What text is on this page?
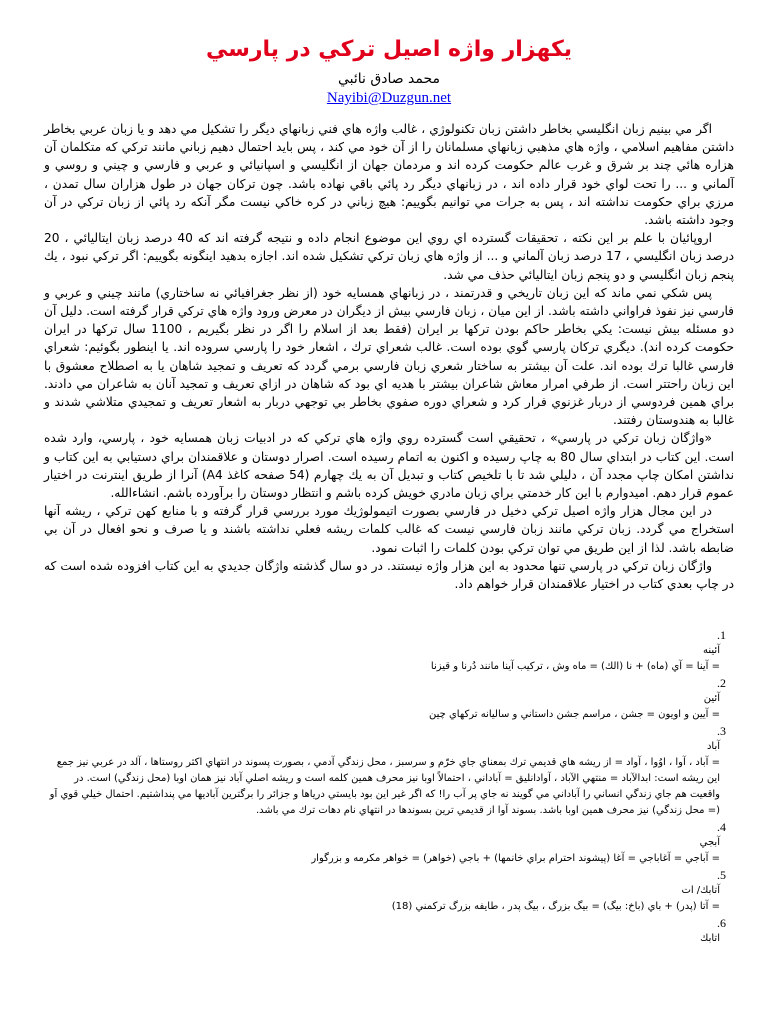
يكهزار واژه اصيل تركي در پارسي
محمد صادق نائبي
Nayibi@Duzgun.net

اگر مي بينيم زبان انگليسي بخاطر داشتن زبان تكنولوژي ، غالب واژه هاي فني زبانهاي ديگر را تشكيل مي دهد و يا زبان عربي بخاطر داشتن مفاهيم اسلامي ، واژه هاي مذهبي زبانهاي مسلمانان را از آن خود مي كند ، پس بايد احتمال دهيم زباني مانند تركي كه متكلمان آن هزاره هائي چند بر شرق و غرب عالم حكومت كرده اند و مردمان جهان از انگليسي و اسپانيائي و عربي و فارسي و چيني و روسي و آلماني و ... را تحت لواي خود قرار داده اند ، در زبانهاي ديگر رد پائي باقي نهاده باشد. چون تركان جهان در طول هزاران سال تمدن ، مرزي براي حكومت نداشته اند ، پس به جرات مي توانيم بگوييم: هيچ زباني در كره خاكي نيست مگر آنكه رد پائي از زبان تركي در آن وجود داشته باشد.

اروپائيان با علم بر اين نكته ، تحقيقات گسترده اي روي اين موضوع انجام داده و نتيجه گرفته اند كه 40 درصد زبان ايتاليائي ، 20 درصد زبان انگليسي ، 17 درصد زبان آلماني و ... از واژه هاي زبان تركي تشكيل شده اند. اجازه بدهيد اينگونه بگوييم: اگر تركي نبود ، يك پنجم زبان انگليسي و دو پنجم زبان ايتاليائي حذف مي شد.

پس شكي نمي ماند كه اين زبان تاريخي و قدرتمند ، در زبانهاي همسايه خود (از نظر جغرافيائي نه ساختاري) مانند چيني و عربي و فارسي نيز نفوذ فراواني داشته باشد. از اين ميان ، زبان فارسي بيش از ديگران در معرض ورود واژه هاي تركي قرار گرفته است. دليل آن دو مسئله بيش نيست: يكي بخاطر حاكم بودن تركها بر ايران (فقط بعد از اسلام را اگر در نظر بگيريم ، 1100 سال تركها در ايران حكومت كرده اند). ديگري تركان پارسي گوي بوده است. غالب شعراي ترك ، اشعار خود را پارسي سروده اند. يا اينطور بگوئيم: شعراي فارسي غالبا ترك بوده اند. علت آن بيشتر به ساختار شعري زبان فارسي برمي گردد كه تعريف و تمجيد شاهان يا به اصطلاح معشوق با اين زبان راحتتر است. از طرفي امرار معاش شاعران بيشتر با هديه اي بود كه شاهان در ازاي تعريف و تمجيد آنان به شاعران مي دادند. براي همين فردوسي از دربار غزنوي فرار كرد و شعراي دوره صفوي بخاطر بي توجهي دربار به اشعار تعريف و تمجيدي متلاشي شدند و غالبا به هندوستان رفتند.

«واژگان زبان تركي در پارسي» ، تحقيقي است گسترده روي واژه هاي تركي كه در ادبيات زبان همسايه خود ، پارسي، وارد شده است. اين كتاب در ابتداي سال 80 به چاپ رسيده و اكنون به اتمام رسيده است. اصرار دوستان و علاقمندان براي دستيابي به اين كتاب و نداشتن امكان چاپ مجدد آن ، دليلي شد تا با تلخيص كتاب و تبديل آن به يك چهارم (54 صفحه كاغذ A4) آنرا از طريق اينترنت در اختيار عموم قرار دهم. اميدوارم با اين كار خدمتي براي زبان مادري خويش كرده باشم و انتظار دوستان را برآورده باشم. انشاءالله.

در اين مجال هزار واژه اصيل تركي دخيل در فارسي بصورت اتيمولوژيك مورد بررسي قرار گرفته و با منابع كهن تركي ، ريشه آنها استخراج مي گردد. زبان تركي مانند زبان فارسي نيست كه غالب كلمات ريشه فعلي نداشته باشند و يا صرف و نحو افعال در آن بي ضابطه باشد. لذا از اين طريق مي توان تركي بودن كلمات را اثبات نمود.

واژگان زبان تركي در پارسي تنها محدود به اين هزار واژه نيستند. در دو سال گذشته واژگان جديدي به اين كتاب افزوده شده است كه در چاپ بعدي كتاب در اختيار علاقمندان قرار خواهم داد.

1.
آئينه
= آينا = آي (ماه) + نا (الك) = ماه وش ، تركيب آينا مانند دُرنا و قيزنا
2.
آئين
= آيين و اويون = جشن ، مراسم جشن داستاني و ساليانه تركهاي چين
3.
آباد
= آباد ، آوا ، اوُوا ، آواد = از ريشه هاي قديمي ترك بمعناي جاي خرّم و سرسبز ، محل زندگي آدمي ، بصورت پسوند در انتهاي اكثر روستاها ، آلد در عربي نيز جمع اين ريشه است: ابدالآباد = منتهي الآباد ، آوادانليق = آباداني ، احتمالاً اوبا نيز محرف همين كلمه است و ريشه اصلي آباد نيز همان اوبا (محل زندگي) است. در واقعيت هم جاي زندگي انساني را آباداني مي گويند نه جاي پر آب را! كه اگر غير اين بود بايستي درياها و جزائر را برگترين آباديها مي پنداشتيم. احتمال خيلي قوي اَو (= محل زندگي) نيز محرف همين اوبا باشد. بسوند آوا از قديمي ترين بسوندها در انتهاي نام دهات ترك مي باشد.
4.
آبجي
= آباجي = آغاباجي = آغا (پيشوند احترام براي خانمها) + باجي (خواهر) = خواهر مكرمه و بزرگوار
5.
آتابك/ ات
= آتا (پدر) + باي (باخ: بيگ) = بيگ بزرگ ، بيگ پدر ، طايفه بزرگ تركمني (18)
6.
اتابك
